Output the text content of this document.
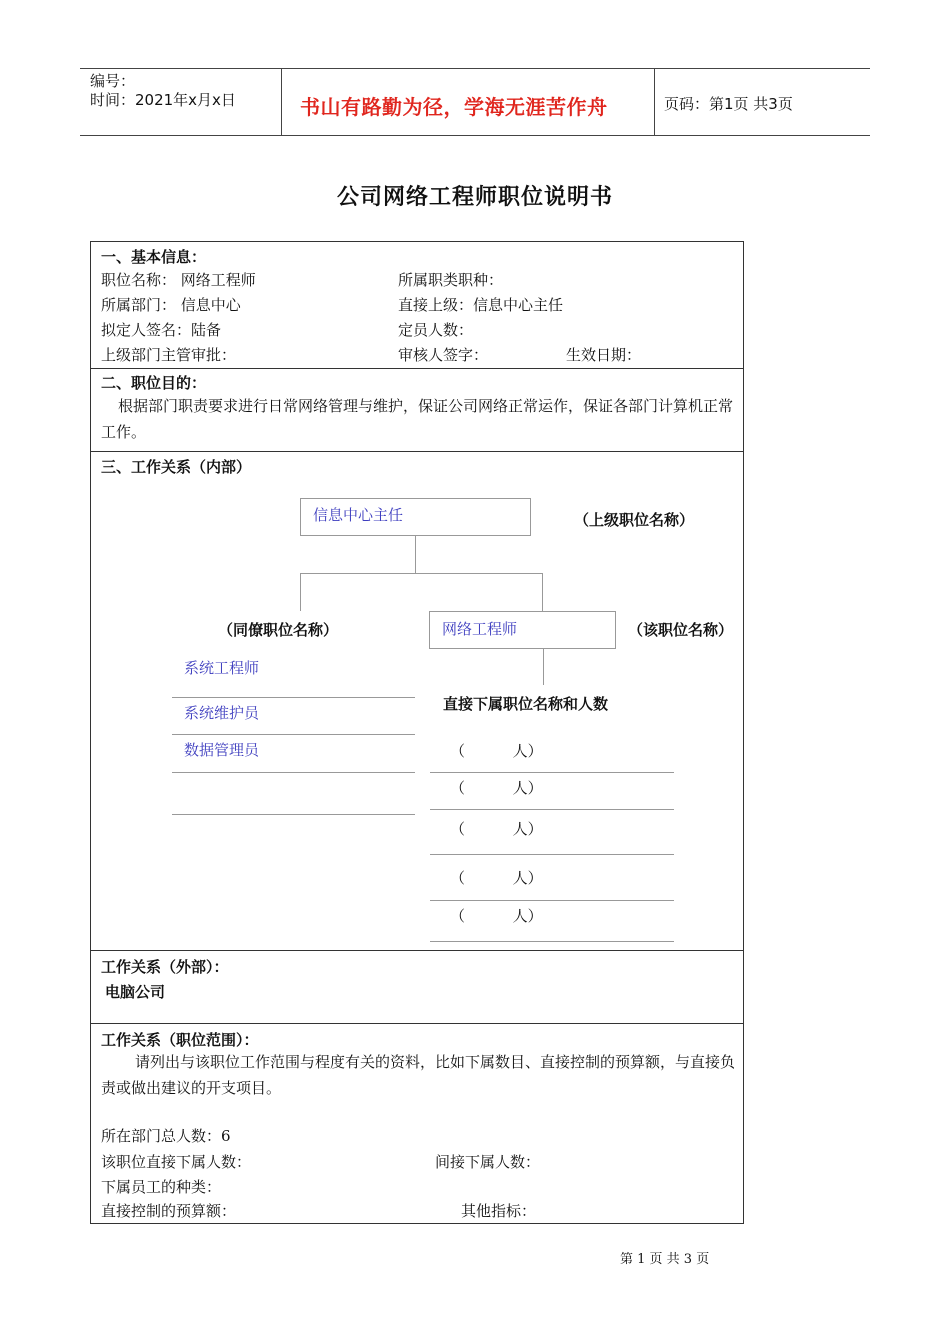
编号：
时间：2021年x月x日	书山有路勤为径，学海无涯苦作舟	页码：第1页 共3页
公司网络工程师职位说明书
一、基本信息：
职位名称： 网络工程师	所属职类职种：
所属部门： 信息中心	直接上级：信息中心主任
拟定人签名：陆备	定员人数：
上级部门主管审批：	审核人签字：	生效日期：
二、职位目的：
根据部门职责要求进行日常网络管理与维护，保证公司网络正常运作，保证各部门计算机正常工作。
三、工作关系（内部）
信息中心主任	（上级职位名称）
（同僚职位名称）	网络工程师	（该职位名称）
系统工程师
系统维护员
数据管理员
直接下属职位名称和人数
（          人）
（          人）
（          人）
（          人）
（          人）
工作关系（外部）：
电脑公司
工作关系（职位范围）：
请列出与该职位工作范围与程度有关的资料，比如下属数目、直接控制的预算额，与直接负责或做出建议的开支项目。
所在部门总人数：6
该职位直接下属人数：	间接下属人数：
下属员工的种类：
直接控制的预算额：	其他指标：
第 1 页 共 3 页
